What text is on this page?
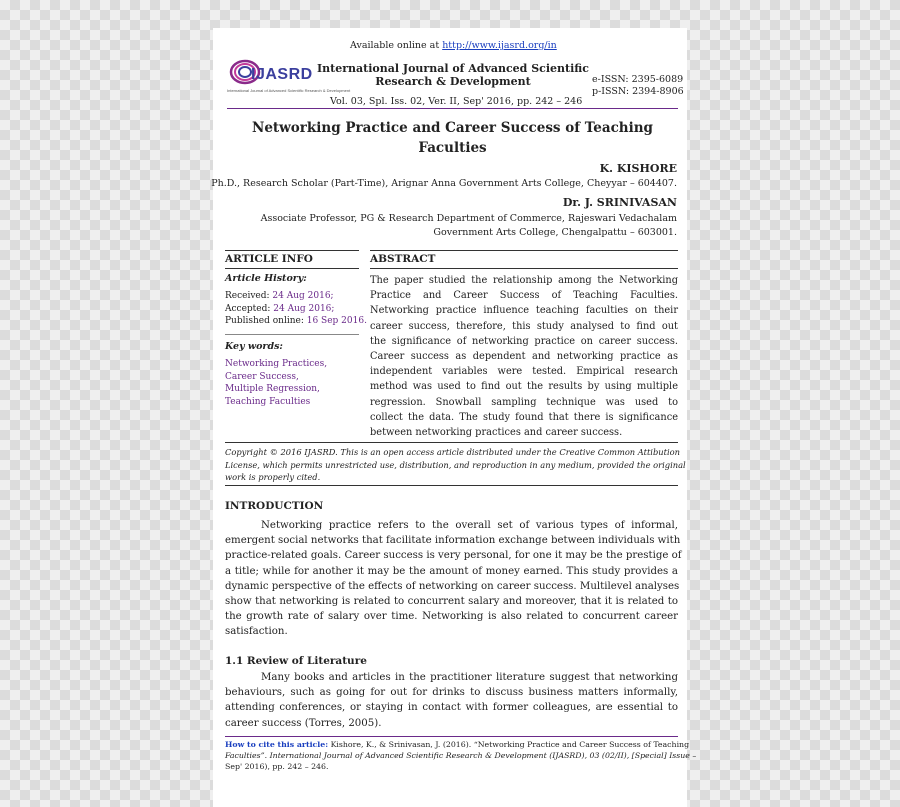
Available online at http://www.ijasrd.org/in
IJASRD
International Journal of Advanced Scientific Research & Development
International Journal of Advanced Scientific
Research & Development	e-ISSN: 2395-6089
p-ISSN: 2394-8906
Vol. 03, Spl. Iss. 02, Ver. II, Sep' 2016, pp. 242 – 246
Networking Practice and Career Success of Teaching
Faculties
K. KISHORE
Ph.D., Research Scholar (Part-Time), Arignar Anna Government Arts College, Cheyyar – 604407.
Dr. J. SRINIVASAN
Associate Professor, PG & Research Department of Commerce, Rajeswari Vedachalam
Government Arts College, Chengalpattu – 603001.
ARTICLE INFO
Article History:
Received: 24 Aug 2016;
Accepted: 24 Aug 2016;
Published online: 16 Sep 2016.
Key words:
Networking Practices,
Career Success,
Multiple Regression,
Teaching Faculties
ABSTRACT

The paper studied the relationship among the Networking

Practice and Career Success of Teaching Faculties.

Networking practice influence teaching faculties on their

career success, therefore, this study analysed to find out

the significance of networking practice on career success.

Career success as dependent and networking practice as

independent variables were tested. Empirical research

method was used to find out the results by using multiple

regression. Snowball sampling technique was used to

collect the data. The study found that there is significance

between networking practices and career success.

Copyright © 2016 IJASRD. This is an open access article distributed under the Creative Common Attibution

License, which permits unrestricted use, distribution, and reproduction in any medium, provided the original

work is properly cited.

INTRODUCTION

Networking practice refers to the overall set of various types of informal,

emergent social networks that facilitate information exchange between individuals with

practice-related goals. Career success is very personal, for one it may be the prestige of

a title; while for another it may be the amount of money earned. This study provides a

dynamic perspective of the effects of networking on career success. Multilevel analyses

show that networking is related to concurrent salary and moreover, that it is related to

the growth rate of salary over time. Networking is also related to concurrent career

satisfaction.

1.1 Review of Literature

Many books and articles in the practitioner literature suggest that networking

behaviours, such as going for out for drinks to discuss business matters informally,

attending conferences, or staying in contact with former colleagues, are essential to

career success (Torres, 2005).

How to cite this article: Kishore, K., & Srinivasan, J. (2016). “Networking Practice and Career Success of Teaching

Faculties”. International Journal of Advanced Scientific Research & Development (IJASRD), 03 (02/II), [Special] Issue –

Sep' 2016), pp. 242 – 246.
